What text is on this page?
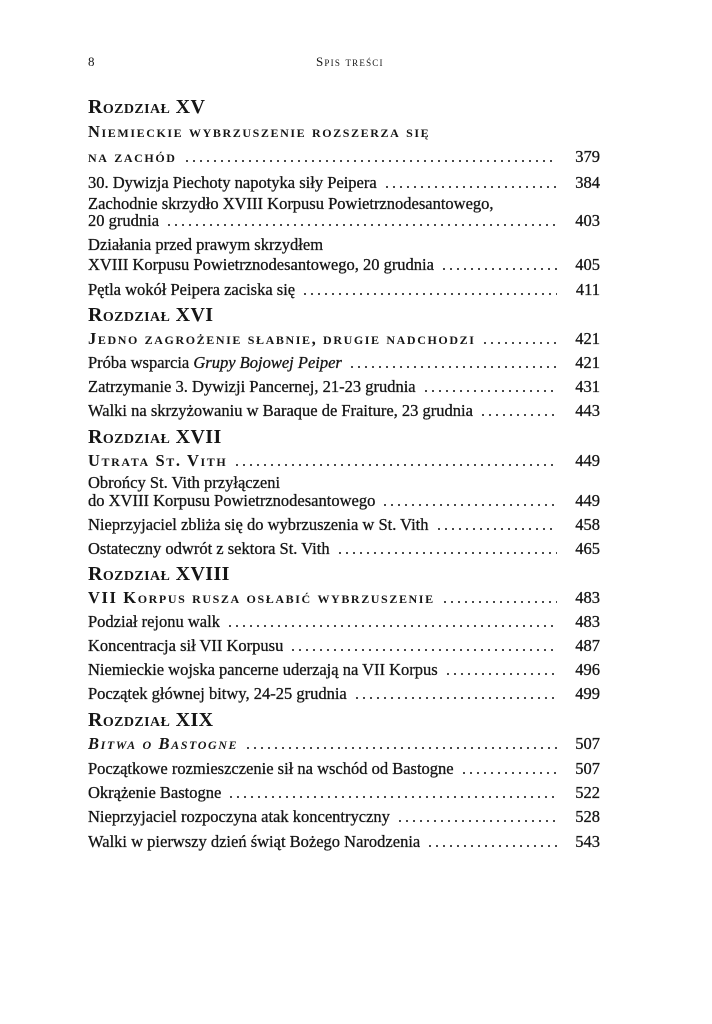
8	Spis treści
Rozdział XV
Niemieckie wybrzuszenie rozszerza się
na zachód	379
30. Dywizja Piechoty napotyka siły Peipera	384
Zachodnie skrzydło XVIII Korpusu Powietrznodesantowego,
20 grudnia	403
Działania przed prawym skrzydłem
XVIII Korpusu Powietrznodesantowego, 20 grudnia	405
Pętla wokół Peipera zaciska się	411
Rozdział XVI
Jedno zagrożenie słabnie, drugie nadchodzi	421
Próba wsparcia Grupy Bojowej Peiper	421
Zatrzymanie 3. Dywizji Pancernej, 21-23 grudnia	431
Walki na skrzyżowaniu w Baraque de Fraiture, 23 grudnia	443
Rozdział XVII
Utrata St. Vith	449
Obrońcy St. Vith przyłączeni
do XVIII Korpusu Powietrznodesantowego	449
Nieprzyjaciel zbliża się do wybrzuszenia w St. Vith	458
Ostateczny odwrót z sektora St. Vith	465
Rozdział XVIII
VII Korpus rusza osłabić wybrzuszenie	483
Podział rejonu walk	483
Koncentracja sił VII Korpusu	487
Niemieckie wojska pancerne uderzają na VII Korpus	496
Początek głównej bitwy, 24-25 grudnia	499
Rozdział XIX
Bitwa o Bastogne	507
Początkowe rozmieszczenie sił na wschód od Bastogne	507
Okrążenie Bastogne	522
Nieprzyjaciel rozpoczyna atak koncentryczny	528
Walki w pierwszy dzień świąt Bożego Narodzenia	543
